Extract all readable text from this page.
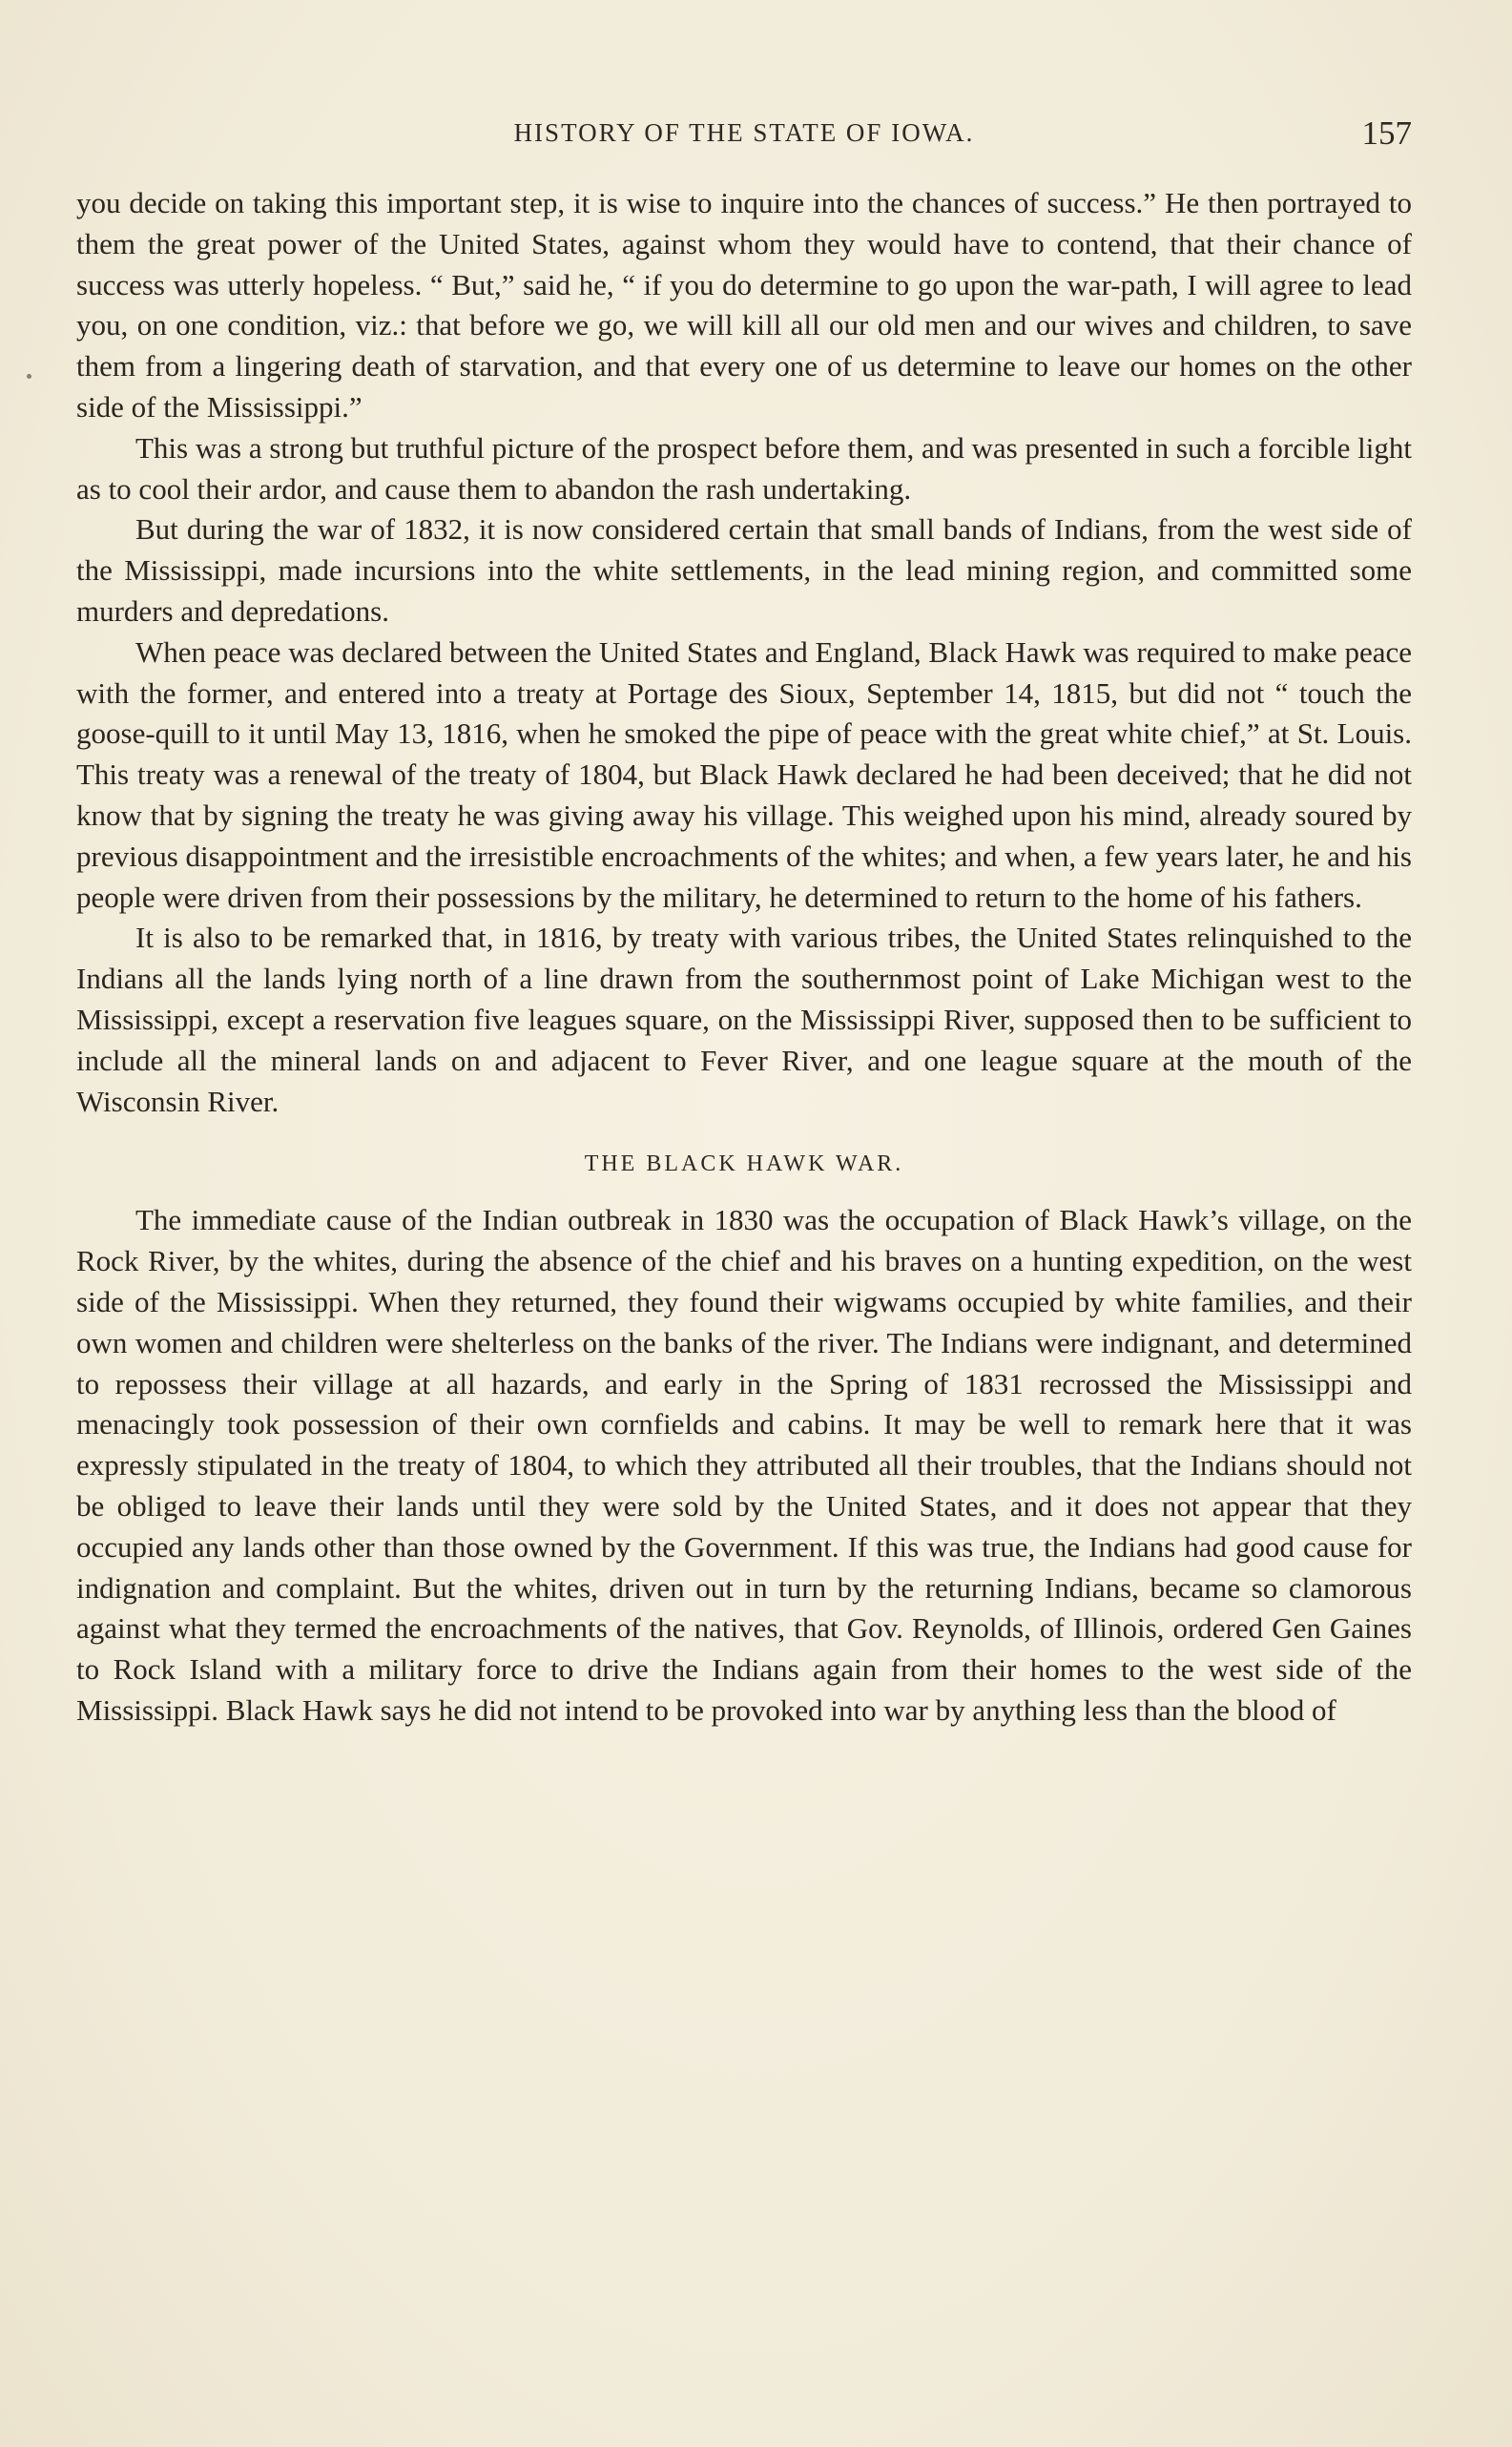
HISTORY OF THE STATE OF IOWA.	157

you decide on taking this important step, it is wise to inquire into the chances of success.” He then portrayed to them the great power of the United States, against whom they would have to contend, that their chance of success was utterly hopeless. “ But,” said he, “ if you do determine to go upon the war-path, I will agree to lead you, on one condition, viz.: that before we go, we will kill all our old men and our wives and children, to save them from a lingering death of starvation, and that every one of us determine to leave our homes on the other side of the Mississippi.”

This was a strong but truthful picture of the prospect before them, and was presented in such a forcible light as to cool their ardor, and cause them to abandon the rash undertaking.

But during the war of 1832, it is now considered certain that small bands of Indians, from the west side of the Mississippi, made incursions into the white settlements, in the lead mining region, and committed some murders and depredations.

When peace was declared between the United States and England, Black Hawk was required to make peace with the former, and entered into a treaty at Portage des Sioux, September 14, 1815, but did not “ touch the goose-quill to it until May 13, 1816, when he smoked the pipe of peace with the great white chief,” at St. Louis. This treaty was a renewal of the treaty of 1804, but Black Hawk declared he had been deceived; that he did not know that by signing the treaty he was giving away his village. This weighed upon his mind, already soured by previous disappointment and the irresistible encroachments of the whites; and when, a few years later, he and his people were driven from their possessions by the military, he determined to return to the home of his fathers.

It is also to be remarked that, in 1816, by treaty with various tribes, the United States relinquished to the Indians all the lands lying north of a line drawn from the southernmost point of Lake Michigan west to the Mississippi, except a reservation five leagues square, on the Mississippi River, supposed then to be sufficient to include all the mineral lands on and adjacent to Fever River, and one league square at the mouth of the Wisconsin River.

THE BLACK HAWK WAR.

The immediate cause of the Indian outbreak in 1830 was the occupation of Black Hawk’s village, on the Rock River, by the whites, during the absence of the chief and his braves on a hunting expedition, on the west side of the Mississippi. When they returned, they found their wigwams occupied by white families, and their own women and children were shelterless on the banks of the river. The Indians were indignant, and determined to repossess their village at all hazards, and early in the Spring of 1831 recrossed the Mississippi and menacingly took possession of their own cornfields and cabins. It may be well to remark here that it was expressly stipulated in the treaty of 1804, to which they attributed all their troubles, that the Indians should not be obliged to leave their lands until they were sold by the United States, and it does not appear that they occupied any lands other than those owned by the Government. If this was true, the Indians had good cause for indignation and complaint. But the whites, driven out in turn by the returning Indians, became so clamorous against what they termed the encroachments of the natives, that Gov. Reynolds, of Illinois, ordered Gen Gaines to Rock Island with a military force to drive the Indians again from their homes to the west side of the Mississippi. Black Hawk says he did not intend to be provoked into war by anything less than the blood of
